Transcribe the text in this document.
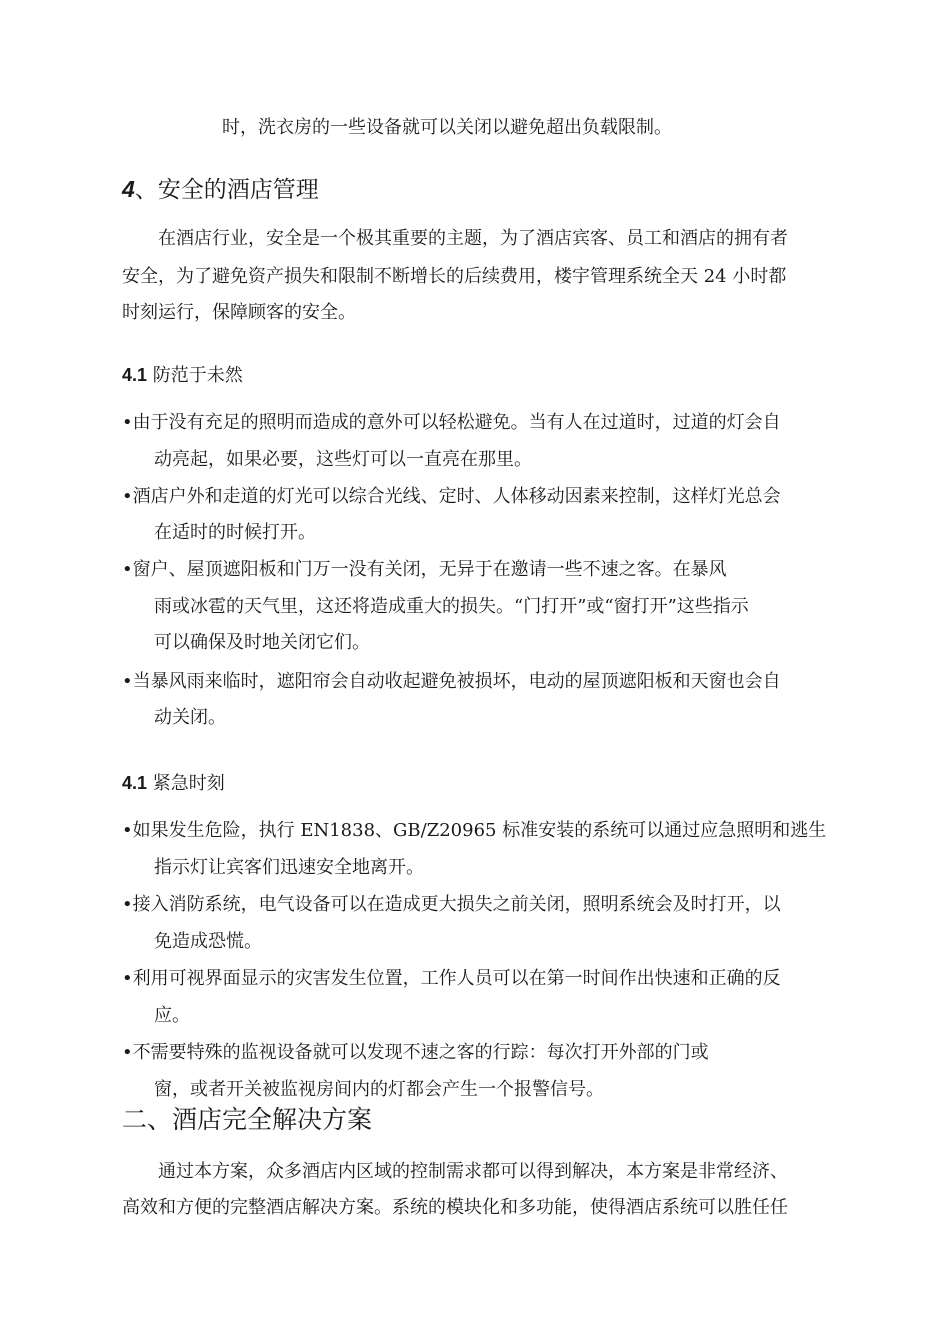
时，洗衣房的一些设备就可以关闭以避免超出负载限制。
4、安全的酒店管理
在酒店行业，安全是一个极其重要的主题，为了酒店宾客、员工和酒店的拥有者
安全，为了避免资产损失和限制不断增长的后续费用，楼宇管理系统全天 24 小时都
时刻运行，保障顾客的安全。
4.1 防范于未然
•由于没有充足的照明而造成的意外可以轻松避免。当有人在过道时，过道的灯会自
动亮起，如果必要，这些灯可以一直亮在那里。
•酒店户外和走道的灯光可以综合光线、定时、人体移动因素来控制，这样灯光总会
在适时的时候打开。
•窗户、屋顶遮阳板和门万一没有关闭，无异于在邀请一些不速之客。在暴风
雨或冰雹的天气里，这还将造成重大的损失。“门打开”或“窗打开”这些指示
可以确保及时地关闭它们。
•当暴风雨来临时，遮阳帘会自动收起避免被损坏，电动的屋顶遮阳板和天窗也会自
动关闭。
4.1 紧急时刻
•如果发生危险，执行 EN1838、GB/Z20965 标准安装的系统可以通过应急照明和逃生
指示灯让宾客们迅速安全地离开。
•接入消防系统，电气设备可以在造成更大损失之前关闭，照明系统会及时打开，以
免造成恐慌。
•利用可视界面显示的灾害发生位置，工作人员可以在第一时间作出快速和正确的反
应。
•不需要特殊的监视设备就可以发现不速之客的行踪：每次打开外部的门或
窗，或者开关被监视房间内的灯都会产生一个报警信号。
二、酒店完全解决方案
通过本方案，众多酒店内区域的控制需求都可以得到解决，本方案是非常经济、
高效和方便的完整酒店解决方案。系统的模块化和多功能，使得酒店系统可以胜任任
